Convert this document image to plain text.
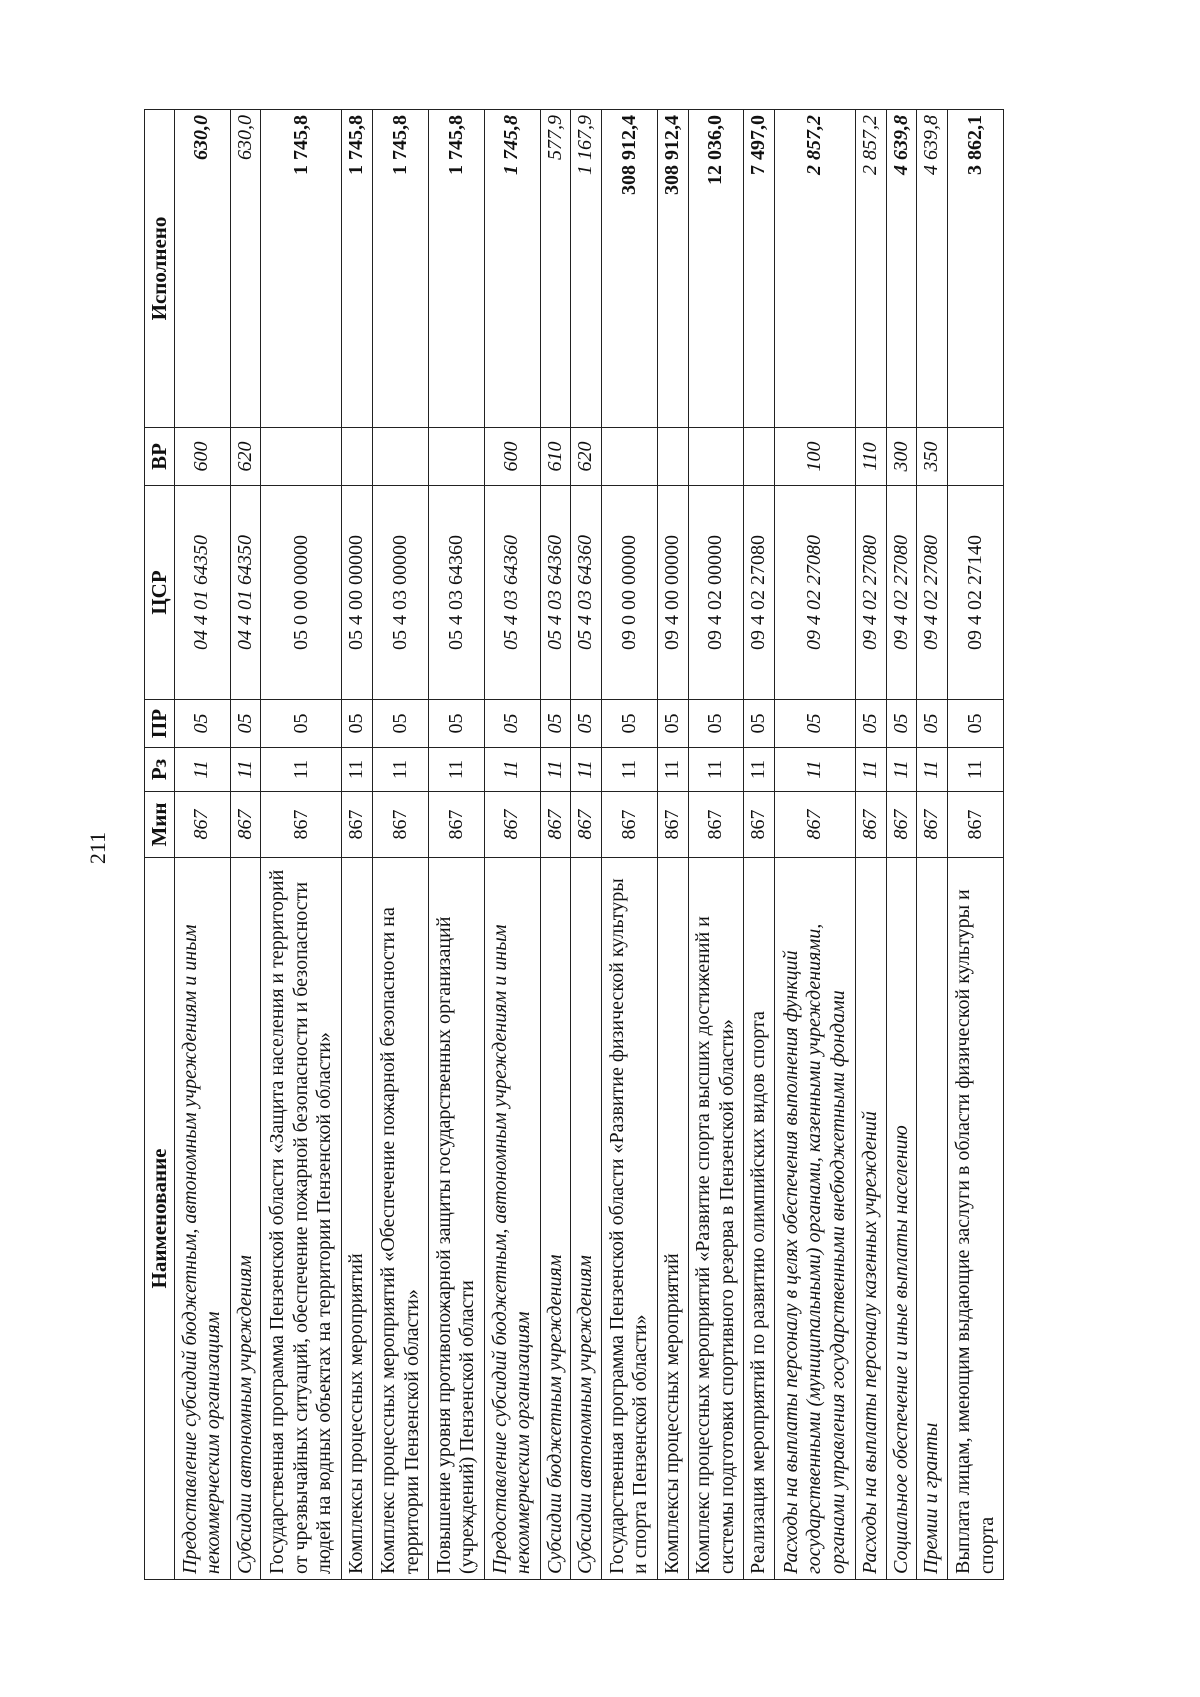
211
Наименование	Мин	Рз	ПР	ЦСР	ВР	Исполнено
Предоставление субсидий бюджетным, автономным учреждениям и иным некоммерческим организациям	867	11	05	04 4 01 64350	600	630,0
Субсидии автономным учреждениям	867	11	05	04 4 01 64350	620	630,0
Государственная программа Пензенской области «Защита населения и территорий от чрезвычайных ситуаций, обеспечение пожарной безопасности и безопасности людей на водных объектах на территории Пензенской области»	867	11	05	05 0 00 00000		1 745,8
Комплексы процессных мероприятий	867	11	05	05 4 00 00000		1 745,8
Комплекс процессных мероприятий «Обеспечение пожарной безопасности на территории Пензенской области»	867	11	05	05 4 03 00000		1 745,8
Повышение уровня противопожарной защиты государственных организаций (учреждений) Пензенской области	867	11	05	05 4 03 64360		1 745,8
Предоставление субсидий бюджетным, автономным учреждениям и иным некоммерческим организациям	867	11	05	05 4 03 64360	600	1 745,8
Субсидии бюджетным учреждениям	867	11	05	05 4 03 64360	610	577,9
Субсидии автономным учреждениям	867	11	05	05 4 03 64360	620	1 167,9
Государственная программа Пензенской области «Развитие физической культуры и спорта Пензенской области»	867	11	05	09 0 00 00000		308 912,4
Комплексы процессных мероприятий	867	11	05	09 4 00 00000		308 912,4
Комплекс процессных мероприятий «Развитие спорта высших достижений и системы подготовки спортивного резерва в Пензенской области»	867	11	05	09 4 02 00000		12 036,0
Реализация мероприятий по развитию олимпийских видов спорта	867	11	05	09 4 02 27080		7 497,0
Расходы на выплаты персоналу в целях обеспечения выполнения функций государственными (муниципальными) органами, казенными учреждениями, органами управления государственными внебюджетными фондами	867	11	05	09 4 02 27080	100	2 857,2
Расходы на выплаты персоналу казенных учреждений	867	11	05	09 4 02 27080	110	2 857,2
Социальное обеспечение и иные выплаты населению	867	11	05	09 4 02 27080	300	4 639,8
Премии и гранты	867	11	05	09 4 02 27080	350	4 639,8
Выплата лицам, имеющим выдающие заслуги в области физической культуры и спорта	867	11	05	09 4 02 27140		3 862,1
